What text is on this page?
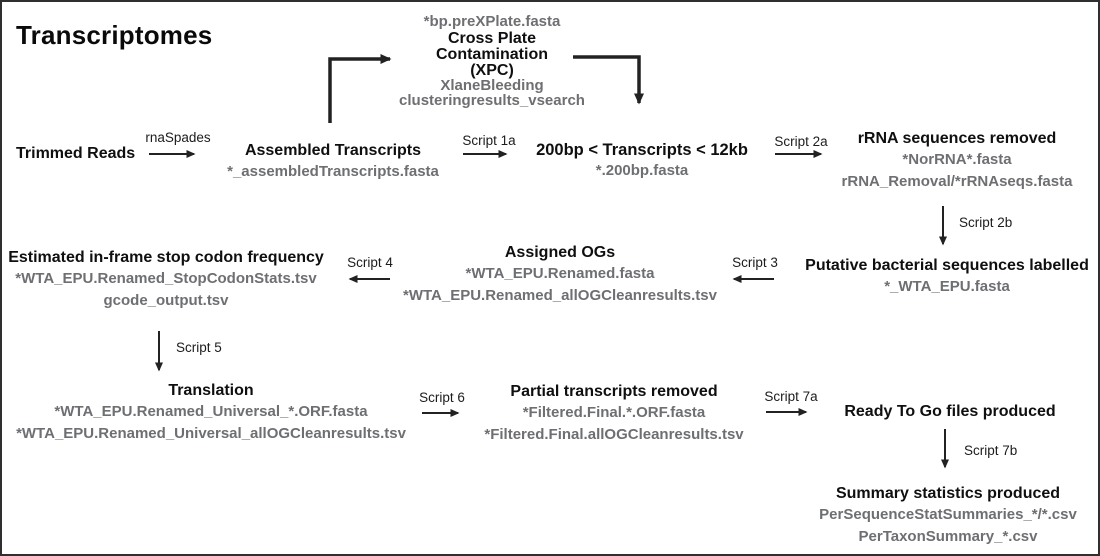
Transcriptomes
Trimmed Reads	Assembled Transcripts
*_assembledTranscripts.fasta
*bp.preXPlate.fasta
Cross Plate
Contamination
(XPC)
XlaneBleeding
clusteringresults_vsearch
200bp < Transcripts < 12kb
*.200bp.fasta
rRNA sequences removed
*NorRNA*.fasta
rRNA_Removal/*rRNAseqs.fasta
Putative bacterial sequences labelled
*_WTA_EPU.fasta
Assigned OGs
*WTA_EPU.Renamed.fasta
*WTA_EPU.Renamed_allOGCleanresults.tsv
Estimated in-frame stop codon frequency
*WTA_EPU.Renamed_StopCodonStats.tsv
gcode_output.tsv
Translation
*WTA_EPU.Renamed_Universal_*.ORF.fasta
*WTA_EPU.Renamed_Universal_allOGCleanresults.tsv
Partial transcripts removed
*Filtered.Final.*.ORF.fasta
*Filtered.Final.allOGCleanresults.tsv
Ready To Go files produced
Summary statistics produced
PerSequenceStatSummaries_*/*.csv
PerTaxonSummary_*.csv
rnaSpades	Script 1a	Script 2a
Script 2b
Script 3
Script 4
Script 5
Script 6	Script 7a
Script 7b
